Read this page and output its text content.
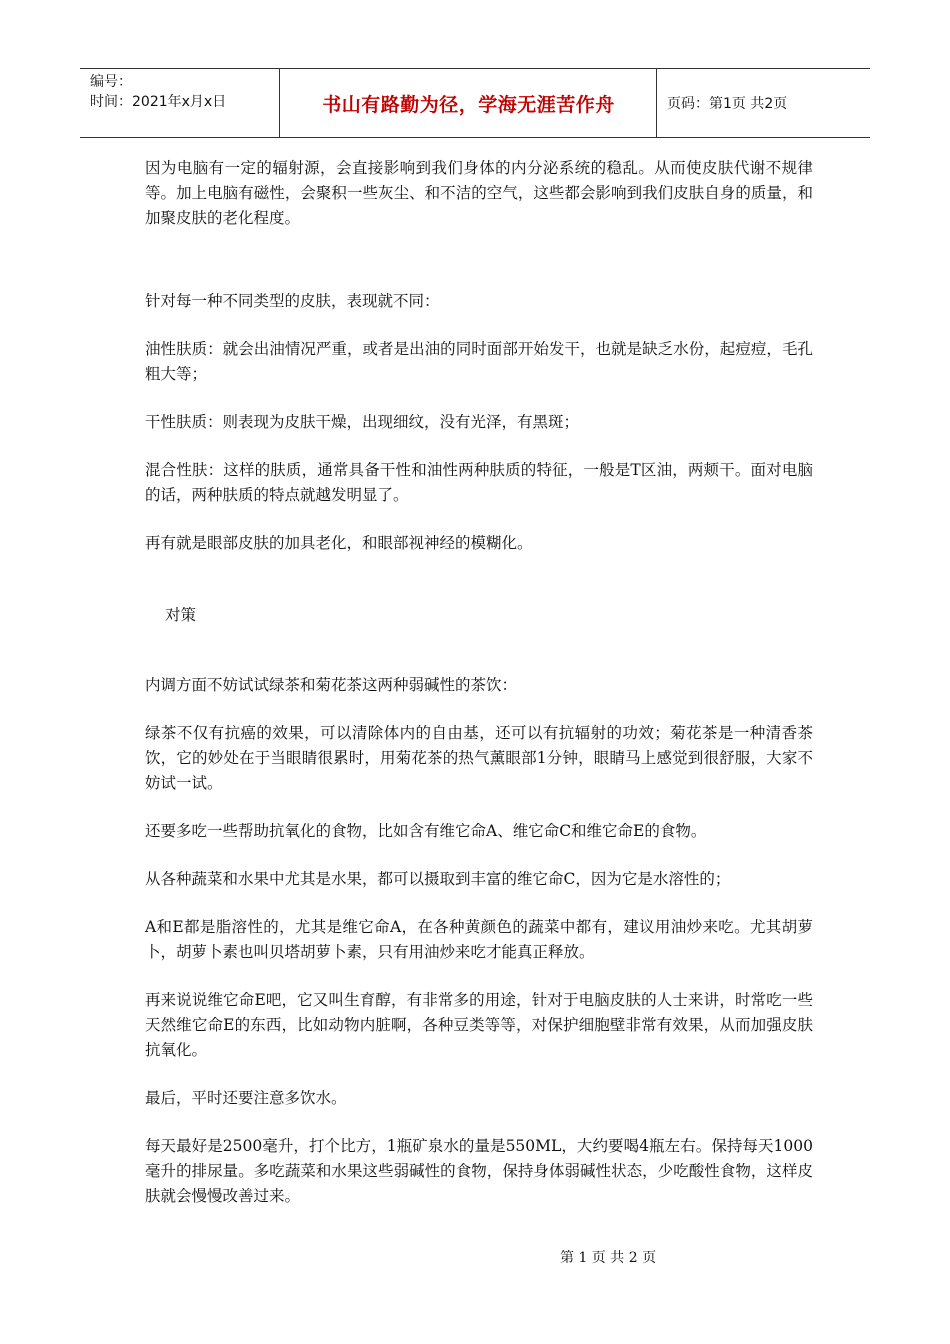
编号：
时间：2021年x月x日	书山有路勤为径，学海无涯苦作舟	页码：第1页 共2页

因为电脑有一定的辐射源，会直接影响到我们身体的内分泌系统的稳乱。从而使皮肤代谢不规律等。加上电脑有磁性，会聚积一些灰尘、和不洁的空气，这些都会影响到我们皮肤自身的质量，和加聚皮肤的老化程度。

针对每一种不同类型的皮肤，表现就不同：

油性肤质：就会出油情况严重，或者是出油的同时面部开始发干，也就是缺乏水份，起痘痘，毛孔粗大等；

干性肤质：则表现为皮肤干燥，出现细纹，没有光泽，有黑斑；

混合性肤：这样的肤质，通常具备干性和油性两种肤质的特征，一般是T区油，两颊干。面对电脑的话，两种肤质的特点就越发明显了。

再有就是眼部皮肤的加具老化，和眼部视神经的模糊化。

对策

内调方面不妨试试绿茶和菊花茶这两种弱碱性的茶饮：

绿茶不仅有抗癌的效果，可以清除体内的自由基，还可以有抗辐射的功效；菊花茶是一种清香茶饮，它的妙处在于当眼睛很累时，用菊花茶的热气薰眼部1分钟，眼睛马上感觉到很舒服，大家不妨试一试。

还要多吃一些帮助抗氧化的食物，比如含有维它命A、维它命C和维它命E的食物。

从各种蔬菜和水果中尤其是水果，都可以摄取到丰富的维它命C，因为它是水溶性的；

A和E都是脂溶性的，尤其是维它命A，在各种黄颜色的蔬菜中都有，建议用油炒来吃。尤其胡萝卜，胡萝卜素也叫贝塔胡萝卜素，只有用油炒来吃才能真正释放。

再来说说维它命E吧，它又叫生育醇，有非常多的用途，针对于电脑皮肤的人士来讲，时常吃一些天然维它命E的东西，比如动物内脏啊，各种豆类等等，对保护细胞壁非常有效果，从而加强皮肤抗氧化。

最后，平时还要注意多饮水。

每天最好是2500毫升，打个比方，1瓶矿泉水的量是550ML，大约要喝4瓶左右。保持每天1000毫升的排尿量。多吃蔬菜和水果这些弱碱性的食物，保持身体弱碱性状态，少吃酸性食物，这样皮肤就会慢慢改善过来。

第 1 页 共 2 页
